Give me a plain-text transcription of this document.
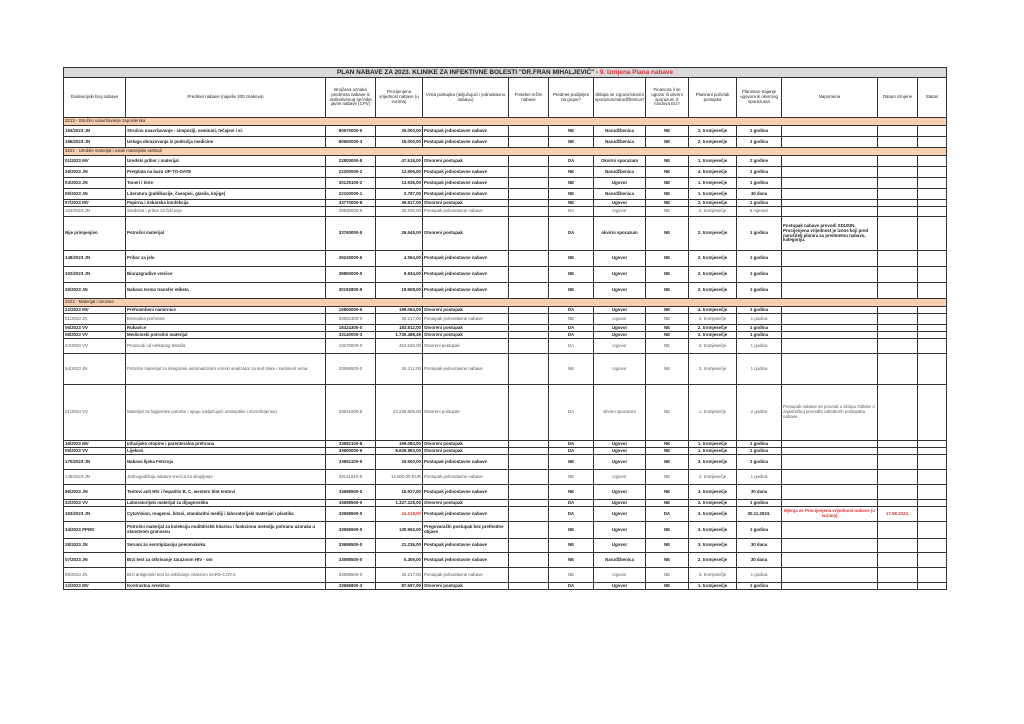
PLAN NABAVE ZA 2023. KLINIKE ZA INFEKTIVNE BOLESTI "DR.FRAN MIHALJEVIĆ" - 9. Izmjena Plana nabave													
Evidencijski broj nabave	Predmet nabave (najviše 200 znakova)	Brojčana oznaka predmeta nabave iz Jedinstvenog rječnika javne nabave (CPV)	Procijenjena vrijednost nabave (u eurima)	Vrsta postupka (uključujući i jednostavnu nabavu)	Posebni režim nabave	Predmet podijeljen na grupe?	Sklapa se Ugovor/okvirni sporazum/narudžbenica?	Financira li se ugovor ili okvirni sporazum iz fondova EU?	Planirani početak postupka	Planirano trajanje ugovora ili okvirnog sporazuma	Napomena	Datum izmjene	Status
3213 - Stručno usavršavanje zaposlenika													
184/2023 JN	Stručno usavršavanje - simpoziji, seminari, tečajevi i sl.	80570000-0	25.000,00	Postupak jednostavne nabave		NE	Narudžbenica	NE	2. tromjesečje	1 godina			
186/2023 JN	Usluga obrazovanja iz područja medicine	80560000-3	15.000,00	Postupak jednostavne nabave		NE	Narudžbenica	NE	2. tromjesečje	1 godina			
3221 - Uredski materijal i ostali materijalni rashodi													
01/2023 MV	Uredski pribor i materijal	22800000-8	47.515,00	Otvoreni postupak		DA	Okvirni sporazum	NE	1. tromjesečje	2 godine			
28/2023 JN	Pretplata na bazu UP-TO-DATE	22200000-2	12.506,00	Postupak jednostavne nabave		NE	Narudžbenica	NE	4. tromjesečje	1 godina			
03/2023 JN	Toneri i tinte	30125100-2	13.936,00	Postupak jednostavne nabave		NE	Ugovor	NE	1. tromjesečje	1 godina			
05/2023 JN	Literatura (publikacije, časopisi, glasila, knjige)	22100000-1	2.787,00	Postupak jednostavne nabave		NE	Narudžbenica	NE	1. tromjesečje	30 dana			
07/2023 MV	Papirna i tiskarska konfekcija	33770000-8	39.817,00	Otvoreni postupak		NE	Ugovor	NE	2. tromjesečje	1 godina			
164/2023 JN	Sredstva i pribor za čišćenje	39830000-9	26.500,00	Postupak jednostavne nabave		DA	Ugovor	NE	2. tromjesečje	6 mjeseci			
Nije primjenjivo	Potrošni materijal	33760000-5	26.545,00	Otvoreni postupak		DA	okvirni sporazum	NE	2. tromjesečje	1 godina	Postupak nabave provodi SDUSIN. Procijenjena vrijednost je iznos koji pred naručitelj planira za predmetnu nabavu, kategoriju.		
148/2023 JN	Pribor za jelo	39240000-6	4.064,00	Postupak jednostavne nabave		NE	Ugovor	NE	2. tromjesečje	1 godina			
102/2023 JN	Biorazgradive vrećice	39850000-0	9.934,00	Postupak jednostavne nabave		NE	Ugovor	NE	2. tromjesečje	1 godina			
29/2023 JN	Nabava termo transfer etiketa	30192800-9	19.908,00	Postupak jednostavne nabave		NE	Ugovor	NE	2. tromjesečje	1 godina			
3222 - Materijal i sirovine													
22/2023 MV	Prehrambeni namirnice	15800000-6	199.084,00	Otvoreni postupak		DA	Ugovor	NE	4. tromjesečje	1 godina			
01/2023 JN	Enteralna prehrana	33692300-0	25.217,00	Postupak jednostavne nabave		NE	Ugovor	NE	3. tromjesečje	1 godina			
06/2023 VV	Rukavice	18424300-0	183.812,00	Otvoreni postupak		DA	Ugovor	NE	2. tromjesečje	1 godina			
08/2023 VV	Medicinski potrošni materijal	33140000-3	1.730.488,49	Otvoreni postupak		DA	Ugovor	NE	2. tromjesečje	1 godina			
24/2023 VV	Proizvodi od netkanog tekstila	19270000-0	464.530,00	Otvoreni postupak		DA	Ugovor	NE	2. tromjesečje	1 godina			
84/2023 JN	Potrošni materijal za integrirani automatizirani urinski analizator za test trake i sediment urina	33696500-0	26.412,00	Postupak jednostavne nabave		NE	Ugovor	NE	3. tromjesečje	1 godina			
01/2023 VV	Materijal za higijenske potrebe i njegu (uključujući antiseptike i dezinficijense)	33631600-8	43.236.809,00	Otvoreni postupak		DA	okvirni sporazum	NE	1. tromjesečje	2 godine	Postupak nabave se provodi u sklopu Odluke o zajedničkoj provedbi određenih postupaka nabave.		
18/2023 MV	Infuzijske otopine i parenteralna prehrana	33692100-8	199.084,00	Otvoreni postupak		DA	Ugovor	NE	1. tromjesečje	1 godina			
09/2023 VV	Lijekovi	33600000-6	8.626.983,00	Otvoreni postupak		DA	Ugovor	NE	1. tromjesečje	1 godina			
170/2023 JN	Nabava lijeka Fetcroja	33651100-9	25.500,00	Postupak jednostavne nabave		NE	Ugovor	NE	3. tromjesečje	1 godina			
145/2023 JN	Jednogodišnja nabava vrećica za skupljanje	33141610-9	14.600,00 EUR	Postupak jednostavne nabave		NE	Ugovor	NE	4. tromjesečje	1 godina			
86/2023 JN	Testovi anti HIV i hepatitis B, C, western blot testovi	33698500-0	15.927,00	Postupak jednostavne nabave		NE	Ugovor	NE	3. tromjesečje	30 dana			
32/2023 VV	Laboratorijski materijal za dijagnostiku	33698500-0	1.327.228,00	Otvoreni postupak		DA	Ugovor	NE	2. tromjesečje	1 godina			
183/2023 JN	CytoVision, reagensi, kitovi, standardni mediji i laboratorijski materijal i plastika	33698500-0	24.618,00	Postupak jednostavne nabave		DA	Ugovor	DA	3. tromjesečje	30.11.2023.	Mjenja se Procijenjena vrijednost nabave (u eurima)	17.08.2023.	
34/2023 PPMV	Potrošni materijal za kolekciju mulitdrishk kitarina i funkcionu metodju pohranu uzoraka u stanstvom granosvu	33696500-0	130.962,00	Pregovarački postupak bez prethodne objave		NE	Ugovor	NE	3. tromjesečje	1 godina			
28/2023 JN	Serumi za serotipizaciju pneumokoka	33698500-0	21.236,00	Postupak jednostavne nabave		NE	Ugovor	NE	3. tromjesečje	30 dana			
07/2023 JN	Brzi test za otkrivanje zaraznom HIV - om	33698500-0	5.309,00	Postupak jednostavne nabave		NE	Narudžbenica	NE	2. tromjesečje	30 dana			
99/2023 JN	Brzi antigenski test za otkrivanje zarazom SARS-COV-2	33698500-0	25.217,00	Postupak jednostavne nabave		NE	Ugovor	NE	3. tromjesečje	1 godina			
12/2023 MV	Kontrastna sredstva	33696800-3	87.597,00	Otvoreni postupak		DA	Ugovor	NE	1. tromjesečje	1 godina			
